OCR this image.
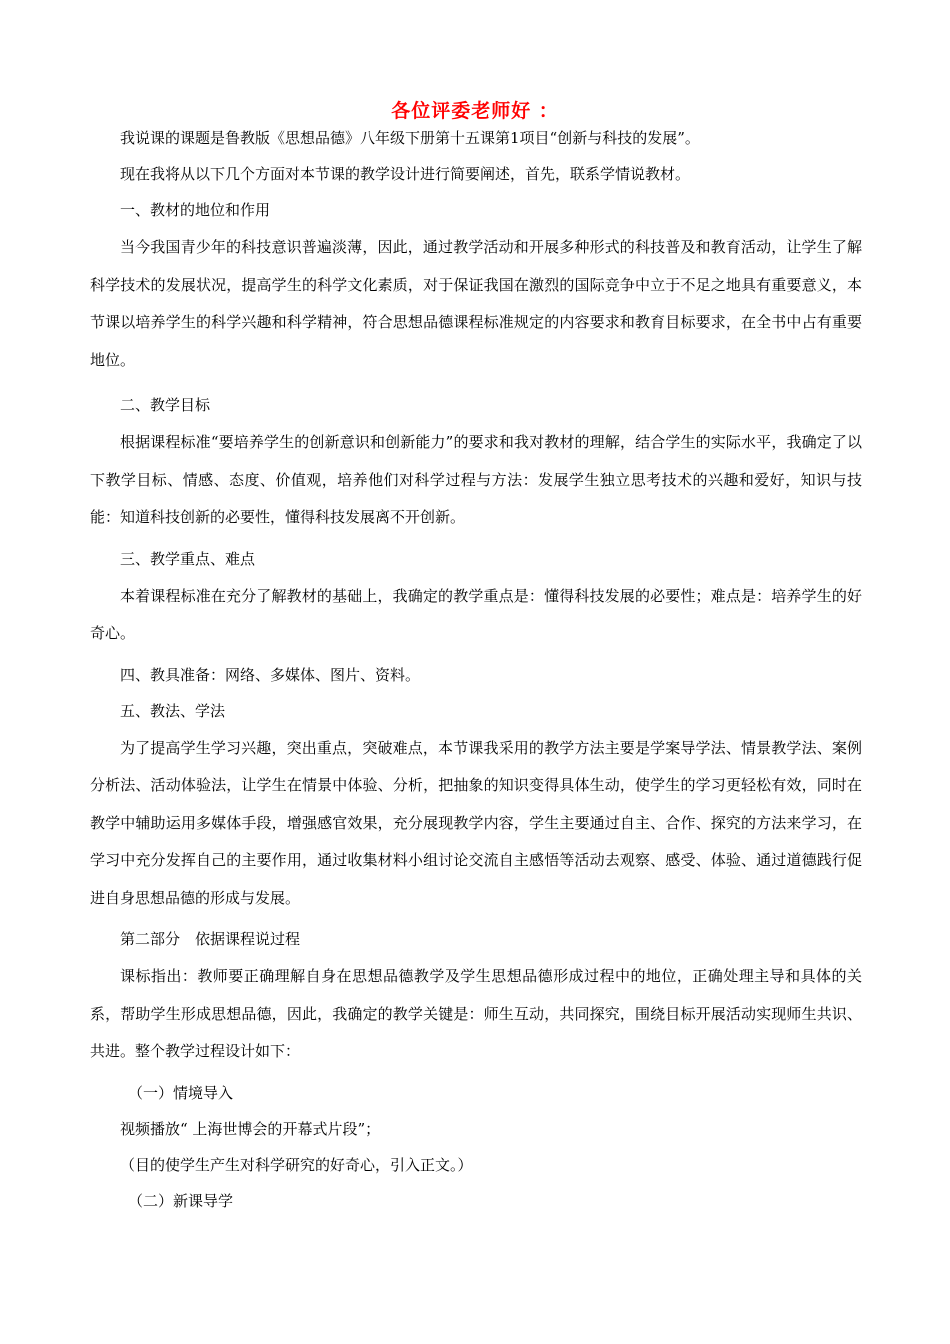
各位评委老师好 ：

我说课的课题是鲁教版《思想品德》八年级下册第十五课第1项目“创新与科技的发展”。

现在我将从以下几个方面对本节课的教学设计进行简要阐述，首先，联系学情说教材。

一、教材的地位和作用

当今我国青少年的科技意识普遍淡薄，因此，通过教学活动和开展多种形式的科技普及和教育活动，让学生了解科学技术的发展状况，提高学生的科学文化素质，对于保证我国在激烈的国际竞争中立于不足之地具有重要意义，本节课以培养学生的科学兴趣和科学精神，符合思想品德课程标准规定的内容要求和教育目标要求，在全书中占有重要地位。

二、教学目标

根据课程标准“要培养学生的创新意识和创新能力”的要求和我对教材的理解，结合学生的实际水平，我确定了以下教学目标、情感、态度、价值观，培养他们对科学过程与方法：发展学生独立思考技术的兴趣和爱好，知识与技能：知道科技创新的必要性，懂得科技发展离不开创新。

三、教学重点、难点

本着课程标准在充分了解教材的基础上，我确定的教学重点是：懂得科技发展的必要性；难点是：培养学生的好奇心。

四、教具准备：网络、多媒体、图片、资料。

五、教法、学法

为了提高学生学习兴趣，突出重点，突破难点，本节课我采用的教学方法主要是学案导学法、情景教学法、案例分析法、活动体验法，让学生在情景中体验、分析，把抽象的知识变得具体生动，使学生的学习更轻松有效，同时在教学中辅助运用多媒体手段，增强感官效果，充分展现教学内容，学生主要通过自主、合作、探究的方法来学习，在学习中充分发挥自己的主要作用，通过收集材料小组讨论交流自主感悟等活动去观察、感受、体验、通过道德践行促进自身思想品德的形成与发展。

第二部分　依据课程说过程

课标指出：教师要正确理解自身在思想品德教学及学生思想品德形成过程中的地位，正确处理主导和具体的关系，帮助学生形成思想品德，因此，我确定的教学关键是：师生互动，共同探究，围绕目标开展活动实现师生共识、共进。整个教学过程设计如下：

（一）情境导入

视频播放“ 上海世博会的开幕式片段”；

（目的使学生产生对科学研究的好奇心，引入正文。）

（二）新课导学
